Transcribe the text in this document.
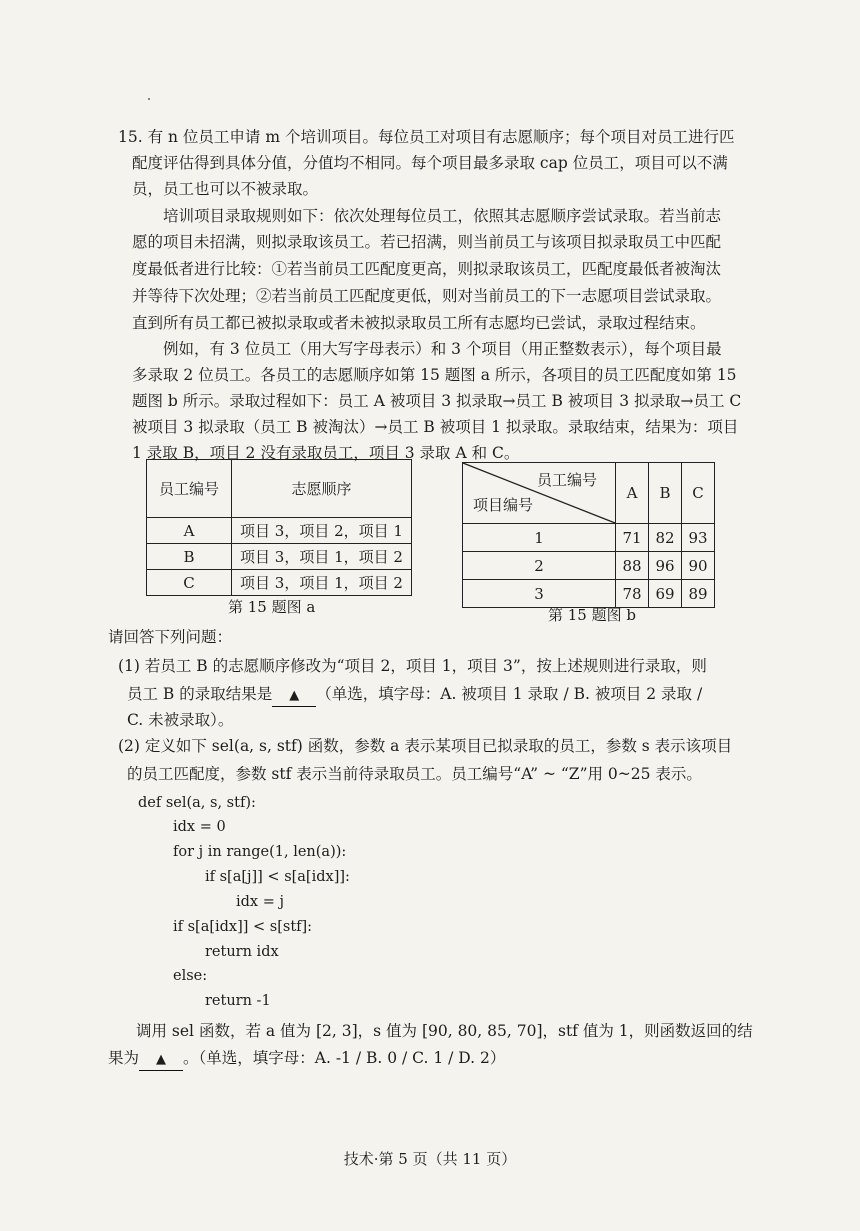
15. 有 n 位员工申请 m 个培训项目。每位员工对项目有志愿顺序；每个项目对员工进行匹
配度评估得到具体分值，分值均不相同。每个项目最多录取 cap 位员工，项目可以不满
员，员工也可以不被录取。
培训项目录取规则如下：依次处理每位员工，依照其志愿顺序尝试录取。若当前志
愿的项目未招满，则拟录取该员工。若已招满，则当前员工与该项目拟录取员工中匹配
度最低者进行比较：①若当前员工匹配度更高，则拟录取该员工，匹配度最低者被淘汰
并等待下次处理；②若当前员工匹配度更低，则对当前员工的下一志愿项目尝试录取。
直到所有员工都已被拟录取或者未被拟录取员工所有志愿均已尝试，录取过程结束。
例如，有 3 位员工（用大写字母表示）和 3 个项目（用正整数表示），每个项目最
多录取 2 位员工。各员工的志愿顺序如第 15 题图 a 所示，各项目的员工匹配度如第 15
题图 b 所示。录取过程如下：员工 A 被项目 3 拟录取→员工 B 被项目 3 拟录取→员工 C
被项目 3 拟录取（员工 B 被淘汰）→员工 B 被项目 1 拟录取。录取结束，结果为：项目
1 录取 B，项目 2 没有录取员工，项目 3 录取 A 和 C。
员工编号	志愿顺序
A	项目 3，项目 2，项目 1
B	项目 3，项目 1，项目 2
C	项目 3，项目 1，项目 2
第 15 题图 a
员工编号
项目编号	A	B	C
1	71	82	93
2	88	96	90
3	78	69	89
第 15 题图 b
请回答下列问题：
(1) 若员工 B 的志愿顺序修改为“项目 2，项目 1，项目 3”，按上述规则进行录取，则
员工 B 的录取结果是 ▲ （单选，填字母：A. 被项目 1 录取 / B. 被项目 2 录取 /
C. 未被录取）。
(2) 定义如下 sel(a, s, stf) 函数，参数 a 表示某项目已拟录取的员工，参数 s 表示该项目
的员工匹配度，参数 stf 表示当前待录取员工。员工编号“A” ~ “Z”用 0~25 表示。
def sel(a, s, stf):
idx = 0
for j in range(1, len(a)):
if s[a[j]] < s[a[idx]]:
idx = j
if s[a[idx]] < s[stf]:
return idx
else:
return -1
调用 sel 函数，若 a 值为 [2, 3]，s 值为 [90, 80, 85, 70]，stf 值为 1，则函数返回的结
果为 ▲ 。（单选，填字母：A. -1 / B. 0 / C. 1 / D. 2）
技术·第 5 页（共 11 页）
